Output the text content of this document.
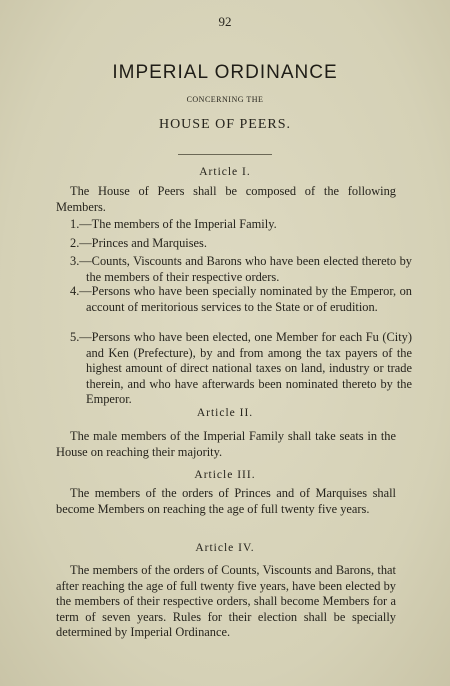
92
IMPERIAL ORDINANCE
CONCERNING THE
HOUSE OF PEERS.
Article I.
The House of Peers shall be composed of the following Members.
1.—The members of the Imperial Family.
2.—Princes and Marquises.
3.—Counts, Viscounts and Barons who have been elected thereto by the members of their respective orders.
4.—Persons who have been specially nominated by the Emperor, on account of meritorious services to the State or of erudition.
5.—Persons who have been elected, one Member for each Fu (City) and Ken (Prefecture), by and from among the tax payers of the highest amount of direct national taxes on land, industry or trade therein, and who have afterwards been nominated thereto by the Emperor.
Article II.
The male members of the Imperial Family shall take seats in the House on reaching their majority.
Article III.
The members of the orders of Princes and of Marquises shall become Members on reaching the age of full twenty five years.
Article IV.
The members of the orders of Counts, Viscounts and Barons, that after reaching the age of full twenty five years, have been elected by the members of their respective orders, shall become Members for a term of seven years. Rules for their election shall be specially determined by Imperial Ordinance.
